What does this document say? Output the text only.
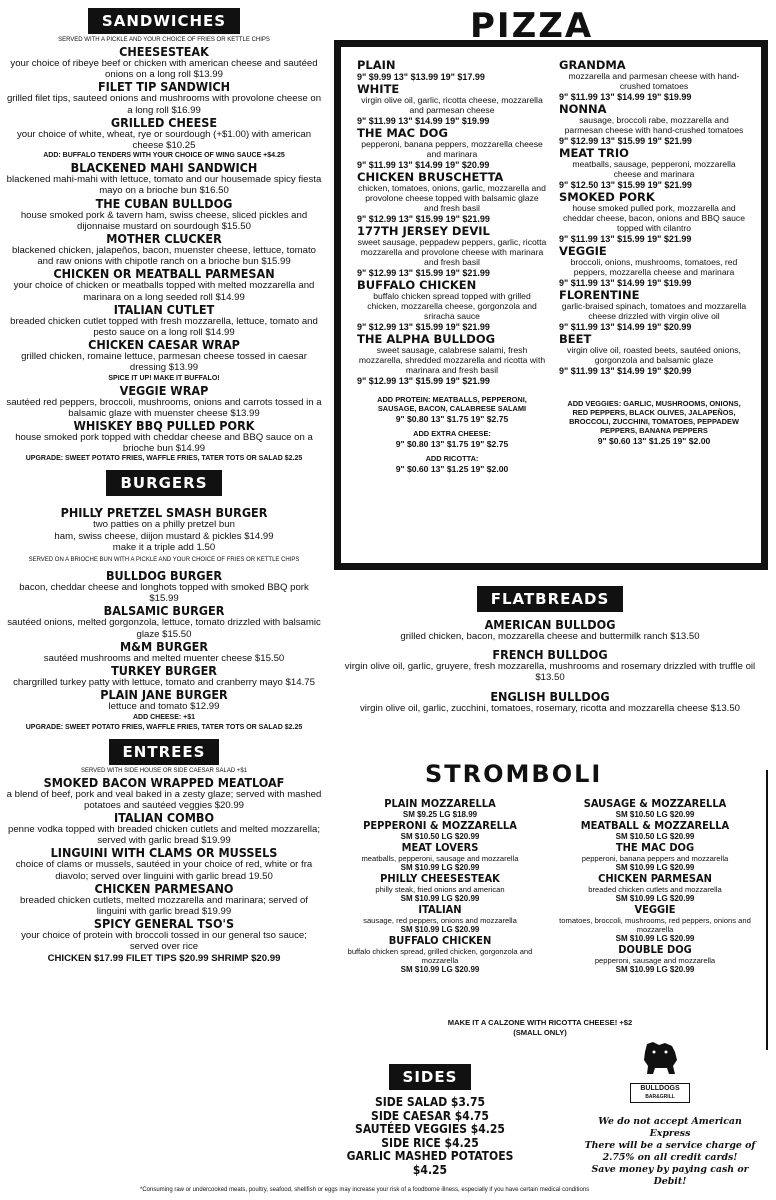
SANDWICHES
SERVED WITH A PICKLE AND YOUR CHOICE OF FRIES OR KETTLE CHIPS
CHEESESTEAK
your choice of ribeye beef or chicken with american cheese and sautéed onions on a long roll $13.99
FILET TIP SANDWICH
grilled filet tips, sauteed onions and mushrooms with provolone cheese on a long roll $16.99
GRILLED CHEESE
your choice of white, wheat, rye or sourdough (+$1.00) with american cheese $10.25
ADD: BUFFALO TENDERS WITH YOUR CHOICE OF WING SAUCE +$4.25
BLACKENED MAHI SANDWICH
blackened mahi-mahi with lettuce, tomato and our housemade spicy fiesta mayo on a brioche bun $16.50
THE CUBAN BULLDOG
house smoked pork & tavern ham, swiss cheese, sliced pickles and dijonnaise mustard on sourdough $15.50
MOTHER CLUCKER
blackened chicken, jalapeños, bacon, muenster cheese, lettuce, tomato and raw onions with chipotle ranch on a brioche bun $15.99
CHICKEN OR MEATBALL PARMESAN
your choice of chicken or meatballs topped with melted mozzarella and marinara on a long seeded roll $14.99
ITALIAN CUTLET
breaded chicken cutlet topped with fresh mozzarella, lettuce, tomato and pesto sauce on a long roll $14.99
CHICKEN CAESAR WRAP
grilled chicken, romaine lettuce, parmesan cheese tossed in caesar dressing $13.99
SPICE IT UP! MAKE IT BUFFALO!
VEGGIE WRAP
sautéed red peppers, broccoli, mushrooms, onions and carrots tossed in a balsamic glaze with muenster cheese $13.99
WHISKEY BBQ PULLED PORK
house smoked pork topped with cheddar cheese and BBQ sauce on a brioche bun $14.99
UPGRADE: SWEET POTATO FRIES, WAFFLE FRIES, TATER TOTS OR SALAD $2.25
BURGERS
PHILLY PRETZEL SMASH BURGER
two patties on a philly pretzel bun
ham, swiss cheese, diijon mustard & pickles $14.99
make it a triple add 1.50
SERVED ON A BRIOCHE BUN WITH A PICKLE AND YOUR CHOICE OF FRIES OR KETTLE CHIPS
BULLDOG BURGER
bacon, cheddar cheese and longhots topped with smoked BBQ pork $15.99
BALSAMIC BURGER
sautéed onions, melted gorgonzola, lettuce, tomato drizzled with balsamic glaze $15.50
M&M BURGER
sautéed mushrooms and melted muenter cheese $15.50
TURKEY BURGER
chargrilled turkey patty with lettuce, tomato and cranberry mayo $14.75
PLAIN JANE BURGER
lettuce and tomato $12.99
ADD CHEESE: +$1
UPGRADE: SWEET POTATO FRIES, WAFFLE FRIES, TATER TOTS OR SALAD $2.25
ENTREES
SERVED WITH SIDE HOUSE OR SIDE CAESAR SALAD +$1
SMOKED BACON WRAPPED MEATLOAF
a blend of beef, pork and veal baked in a zesty glaze; served with mashed potatoes and sautéed veggies $20.99
ITALIAN COMBO
penne vodka topped with breaded chicken cutlets and melted mozzarella; served with garlic bread $19.99
LINGUINI WITH CLAMS OR MUSSELS
choice of clams or mussels, sautéed in your choice of red, white or fra diavolo; served over linguini with garlic bread 19.50
CHICKEN PARMESANO
breaded chicken cutlets, melted mozzarella and marinara; served of linguini with garlic bread $19.99
SPICY GENERAL TSO'S
your choice of protein with broccoli tossed in our general tso sauce; served over rice
CHICKEN $17.99 FILET TIPS $20.99 SHRIMP $20.99
PIZZA
PLAIN
9" $9.99 13" $13.99 19" $17.99
WHITE
virgin olive oil, garlic, ricotta cheese, mozzarella and parmesan cheese
9" $11.99 13" $14.99 19" $19.99
THE MAC DOG
pepperoni, banana peppers, mozzarella cheese and marinara
9" $11.99 13" $14.99 19" $20.99
CHICKEN BRUSCHETTA
chicken, tomatoes, onions, garlic, mozzarella and provolone cheese topped with balsamic glaze and fresh basil
9" $12.99 13" $15.99 19" $21.99
177TH JERSEY DEVIL
sweet sausage, peppadew peppers, garlic, ricotta mozzarella and provolone cheese with marinara and fresh basil
9" $12.99 13" $15.99 19" $21.99
BUFFALO CHICKEN
buffalo chicken spread topped with grilled chicken, mozzarella cheese, gorgonzola and sriracha sauce
9" $12.99 13" $15.99 19" $21.99
THE ALPHA BULLDOG
sweet sausage, calabrese salami, fresh mozzarella, shredded mozzarella and ricotta with marinara and fresh basil
9" $12.99 13" $15.99 19" $21.99
ADD PROTEIN: MEATBALLS, PEPPERONI, SAUSAGE, BACON, CALABRESE SALAMI
9" $0.80 13" $1.75 19" $2.75
ADD EXTRA CHEESE:
9" $0.80 13" $1.75 19" $2.75
ADD RICOTTA:
9" $0.60 13" $1.25 19" $2.00
GRANDMA
mozzarella and parmesan cheese with hand-crushed tomatoes
9" $11.99 13" $14.99 19" $19.99
NONNA
sausage, broccoli rabe, mozzarella and parmesan cheese with hand-crushed tomatoes
9" $12.99 13" $15.99 19" $21.99
MEAT TRIO
meatballs, sausage, pepperoni, mozzarella cheese and marinara
9" $12.50 13" $15.99 19" $21.99
SMOKED PORK
house smoked pulled pork, mozzarella and cheddar cheese, bacon, onions and BBQ sauce topped with cilantro
9" $11.99 13" $15.99 19" $21.99
VEGGIE
broccoli, onions, mushrooms, tomatoes, red peppers, mozzarella cheese and marinara
9" $11.99 13" $14.99 19" $19.99
FLORENTINE
garlic-braised spinach, tomatoes and mozzarella cheese drizzled with virgin olive oil
9" $11.99 13" $14.99 19" $20.99
BEET
virgin olive oil, roasted beets, sautéed onions, gorgonzola and balsamic glaze
9" $11.99 13" $14.99 19" $20.99
ADD VEGGIES: GARLIC, MUSHROOMS, ONIONS, RED PEPPERS, BLACK OLIVES, JALAPEÑOS, BROCCOLI, ZUCCHINI, TOMATOES, PEPPADEW PEPPERS, BANANA PEPPERS
9" $0.60 13" $1.25 19" $2.00
FLATBREADS
AMERICAN BULLDOG
grilled chicken, bacon, mozzarella cheese and buttermilk ranch $13.50
FRENCH BULLDOG
virgin olive oil, garlic, gruyere, fresh mozzarella, mushrooms and rosemary drizzled with truffle oil $13.50
ENGLISH BULLDOG
virgin olive oil, garlic, zucchini, tomatoes, rosemary, ricotta and mozzarella cheese $13.50
STROMBOLI
PLAIN MOZZARELLA
SM $9.25 LG $18.99
PEPPERONI & MOZZARELLA
SM $10.50 LG $20.99
MEAT LOVERS
meatballs, pepperoni, sausage and mozzarella
SM $10.99 LG $20.99
PHILLY CHEESESTEAK
philly steak, fried onions and american
SM $10.99 LG $20.99
ITALIAN
sausage, red peppers, onions and mozzarella
SM $10.99 LG $20.99
BUFFALO CHICKEN
buffalo chicken spread, grilled chicken, gorgonzola and mozzarella
SM $10.99 LG $20.99
SAUSAGE & MOZZARELLA
SM $10.50 LG $20.99
MEATBALL & MOZZARELLA
SM $10.50 LG $20.99
THE MAC DOG
pepperoni, banana peppers and mozzarella
SM $10.99 LG $20.99
CHICKEN PARMESAN
breaded chicken cutlets and mozzarella
SM $10.99 LG $20.99
VEGGIE
tomatoes, broccoli, mushrooms, red peppers, onions and mozzarella
SM $10.99 LG $20.99
DOUBLE DOG
pepperoni, sausage and mozzarella
SM $10.99 LG $20.99
MAKE IT A CALZONE WITH RICOTTA CHEESE! +$2
(SMALL ONLY)
SIDES
SIDE SALAD $3.75
SIDE CAESAR $4.75
SAUTÉED VEGGIES $4.25
SIDE RICE $4.25
GARLIC MASHED POTATOES $4.25
BULLDOGS
BAR&GRILL
We do not accept American Express
There will be a service charge of 2.75% on all credit cards!
Save money by paying cash or Debit!
*Consuming raw or undercooked meats, poultry, seafood, shellfish or eggs may increase your risk of a foodborne illness, especially if you have certain medical conditions
